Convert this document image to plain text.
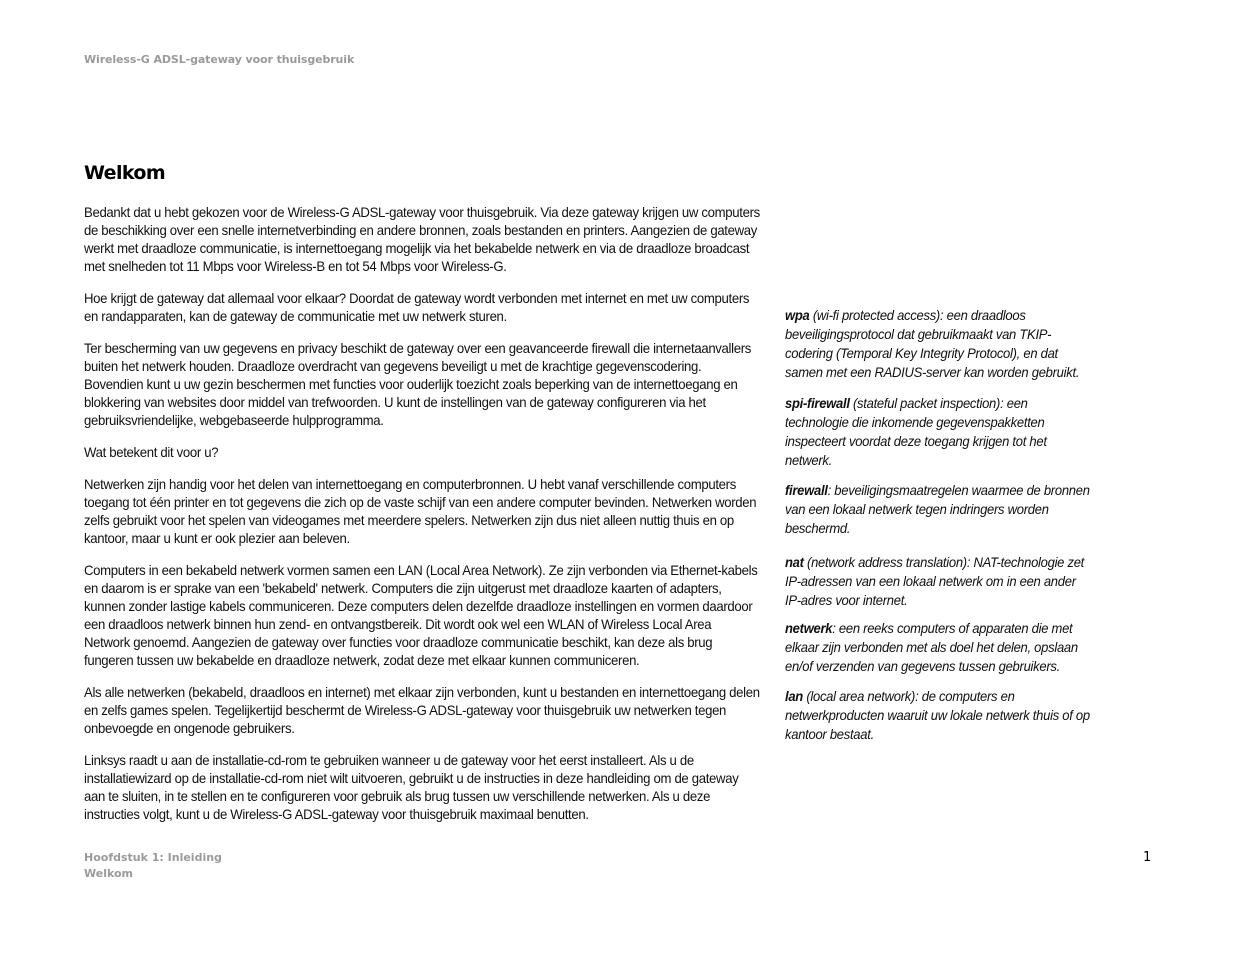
Wireless-G ADSL-gateway voor thuisgebruik
Welkom

Bedankt dat u hebt gekozen voor de Wireless-G ADSL-gateway voor thuisgebruik. Via deze gateway krijgen uw computers de beschikking over een snelle internetverbinding en andere bronnen, zoals bestanden en printers. Aangezien de gateway werkt met draadloze communicatie, is internettoegang mogelijk via het bekabelde netwerk en via de draadloze broadcast met snelheden tot 11 Mbps voor Wireless-B en tot 54 Mbps voor Wireless-G.

Hoe krijgt de gateway dat allemaal voor elkaar? Doordat de gateway wordt verbonden met internet en met uw computers en randapparaten, kan de gateway de communicatie met uw netwerk sturen.

Ter bescherming van uw gegevens en privacy beschikt de gateway over een geavanceerde firewall die internetaanvallers buiten het netwerk houden. Draadloze overdracht van gegevens beveiligt u met de krachtige gegevenscodering. Bovendien kunt u uw gezin beschermen met functies voor ouderlijk toezicht zoals beperking van de internettoegang en blokkering van websites door middel van trefwoorden. U kunt de instellingen van de gateway configureren via het gebruiksvriendelijke, webgebaseerde hulpprogramma.

Wat betekent dit voor u?

Netwerken zijn handig voor het delen van internettoegang en computerbronnen. U hebt vanaf verschillende computers toegang tot één printer en tot gegevens die zich op de vaste schijf van een andere computer bevinden. Netwerken worden zelfs gebruikt voor het spelen van videogames met meerdere spelers. Netwerken zijn dus niet alleen nuttig thuis en op kantoor, maar u kunt er ook plezier aan beleven.

Computers in een bekabeld netwerk vormen samen een LAN (Local Area Network). Ze zijn verbonden via Ethernet-kabels en daarom is er sprake van een 'bekabeld' netwerk. Computers die zijn uitgerust met draadloze kaarten of adapters, kunnen zonder lastige kabels communiceren. Deze computers delen dezelfde draadloze instellingen en vormen daardoor een draadloos netwerk binnen hun zend- en ontvangstbereik. Dit wordt ook wel een WLAN of Wireless Local Area Network genoemd. Aangezien de gateway over functies voor draadloze communicatie beschikt, kan deze als brug fungeren tussen uw bekabelde en draadloze netwerk, zodat deze met elkaar kunnen communiceren.

Als alle netwerken (bekabeld, draadloos en internet) met elkaar zijn verbonden, kunt u bestanden en internettoegang delen en zelfs games spelen. Tegelijkertijd beschermt de Wireless-G ADSL-gateway voor thuisgebruik uw netwerken tegen onbevoegde en ongenode gebruikers.

Linksys raadt u aan de installatie-cd-rom te gebruiken wanneer u de gateway voor het eerst installeert. Als u de installatiewizard op de installatie-cd-rom niet wilt uitvoeren, gebruikt u de instructies in deze handleiding om de gateway aan te sluiten, in te stellen en te configureren voor gebruik als brug tussen uw verschillende netwerken. Als u deze instructies volgt, kunt u de Wireless-G ADSL-gateway voor thuisgebruik maximaal benutten.

wpa (wi-fi protected access): een draadloos beveiligingsprotocol dat gebruikmaakt van TKIP-codering (Temporal Key Integrity Protocol), en dat samen met een RADIUS-server kan worden gebruikt.

spi-firewall (stateful packet inspection): een technologie die inkomende gegevenspakketten inspecteert voordat deze toegang krijgen tot het netwerk.

firewall: beveiligingsmaatregelen waarmee de bronnen van een lokaal netwerk tegen indringers worden beschermd.

nat (network address translation): NAT-technologie zet IP-adressen van een lokaal netwerk om in een ander IP-adres voor internet.

netwerk: een reeks computers of apparaten die met elkaar zijn verbonden met als doel het delen, opslaan en/of verzenden van gegevens tussen gebruikers.

lan (local area network): de computers en netwerkproducten waaruit uw lokale netwerk thuis of op kantoor bestaat.

Hoofdstuk 1: Inleiding
Welkom
1
